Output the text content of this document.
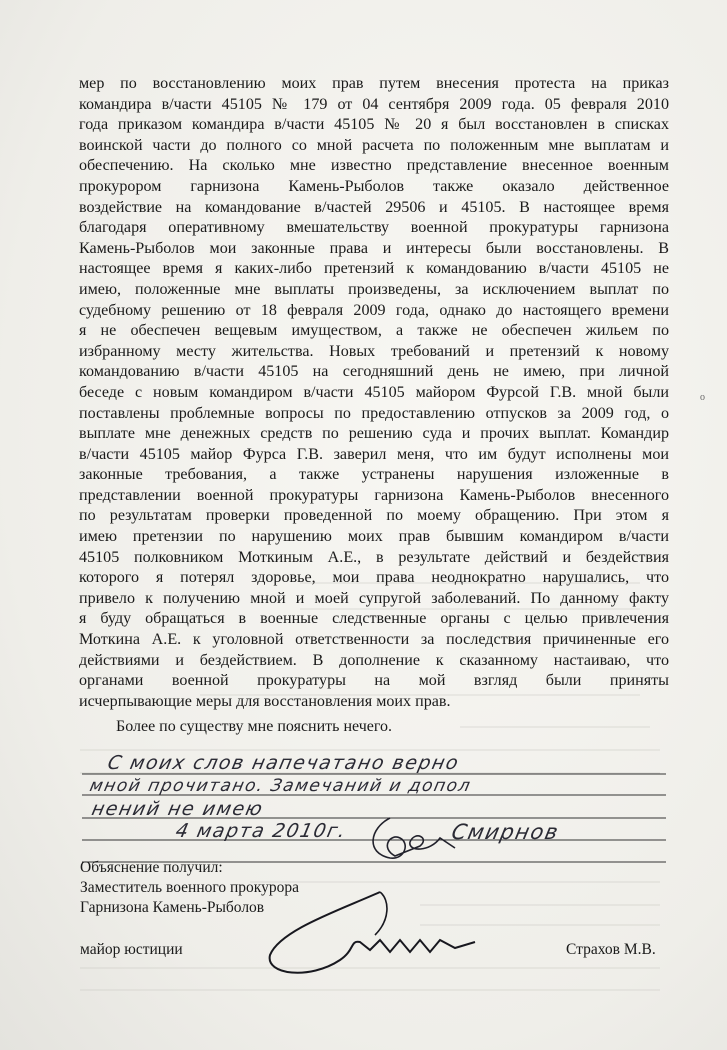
мер по восстановлению моих прав путем внесения протеста на приказ
командира в/части 45105 № 179 от 04 сентября 2009 года. 05 февраля 2010
года приказом командира в/части 45105 № 20 я был восстановлен в списках
воинской части до полного со мной расчета по положенным мне выплатам и
обеспечению. На сколько мне известно представление внесенное военным
прокурором гарнизона Камень-Рыболов также оказало действенное
воздействие на командование в/частей 29506 и 45105. В настоящее время
благодаря оперативному вмешательству военной прокуратуры гарнизона
Камень-Рыболов мои законные права и интересы были восстановлены. В
настоящее время я каких-либо претензий к командованию в/части 45105 не
имею, положенные мне выплаты произведены, за исключением выплат по
судебному решению от 18 февраля 2009 года, однако до настоящего времени
я не обеспечен вещевым имуществом, а также не обеспечен жильем по
избранному месту жительства. Новых требований и претензий к новому
командованию в/части 45105 на сегодняшний день не имею, при личной
беседе с новым командиром в/части 45105 майором Фурсой Г.В. мной были
поставлены проблемные вопросы по предоставлению отпусков за 2009 год, о
выплате мне денежных средств по решению суда и прочих выплат. Командир
в/части 45105 майор Фурса Г.В. заверил меня, что им будут исполнены мои
законные требования, а также устранены нарушения изложенные в
представлении военной прокуратуры гарнизона Камень-Рыболов внесенного
по результатам проверки проведенной по моему обращению. При этом я
имею претензии по нарушению моих прав бывшим командиром в/части
45105 полковником Моткиным А.Е., в результате действий и бездействия
которого я потерял здоровье, мои права неоднократно нарушались, что
привело к получению мной и моей супругой заболеваний. По данному факту
я буду обращаться в военные следственные органы с целью привлечения
Моткина А.Е. к уголовной ответственности за последствия причиненные его
действиями и бездействием. В дополнение к сказанному настаиваю, что
органами военной прокуратуры на мой взгляд были приняты
исчерпывающие меры для восстановления моих прав.
Более по существу мне пояснить нечего.
С моих слов напечатано верно
мной прочитано. Замечаний и допол
нений не имею
4 марта 2010г.	Смирнов
Объяснение получил:
Заместитель военного прокурора
Гарнизона Камень-Рыболов
майор юстиции	Страхов М.В.
о
